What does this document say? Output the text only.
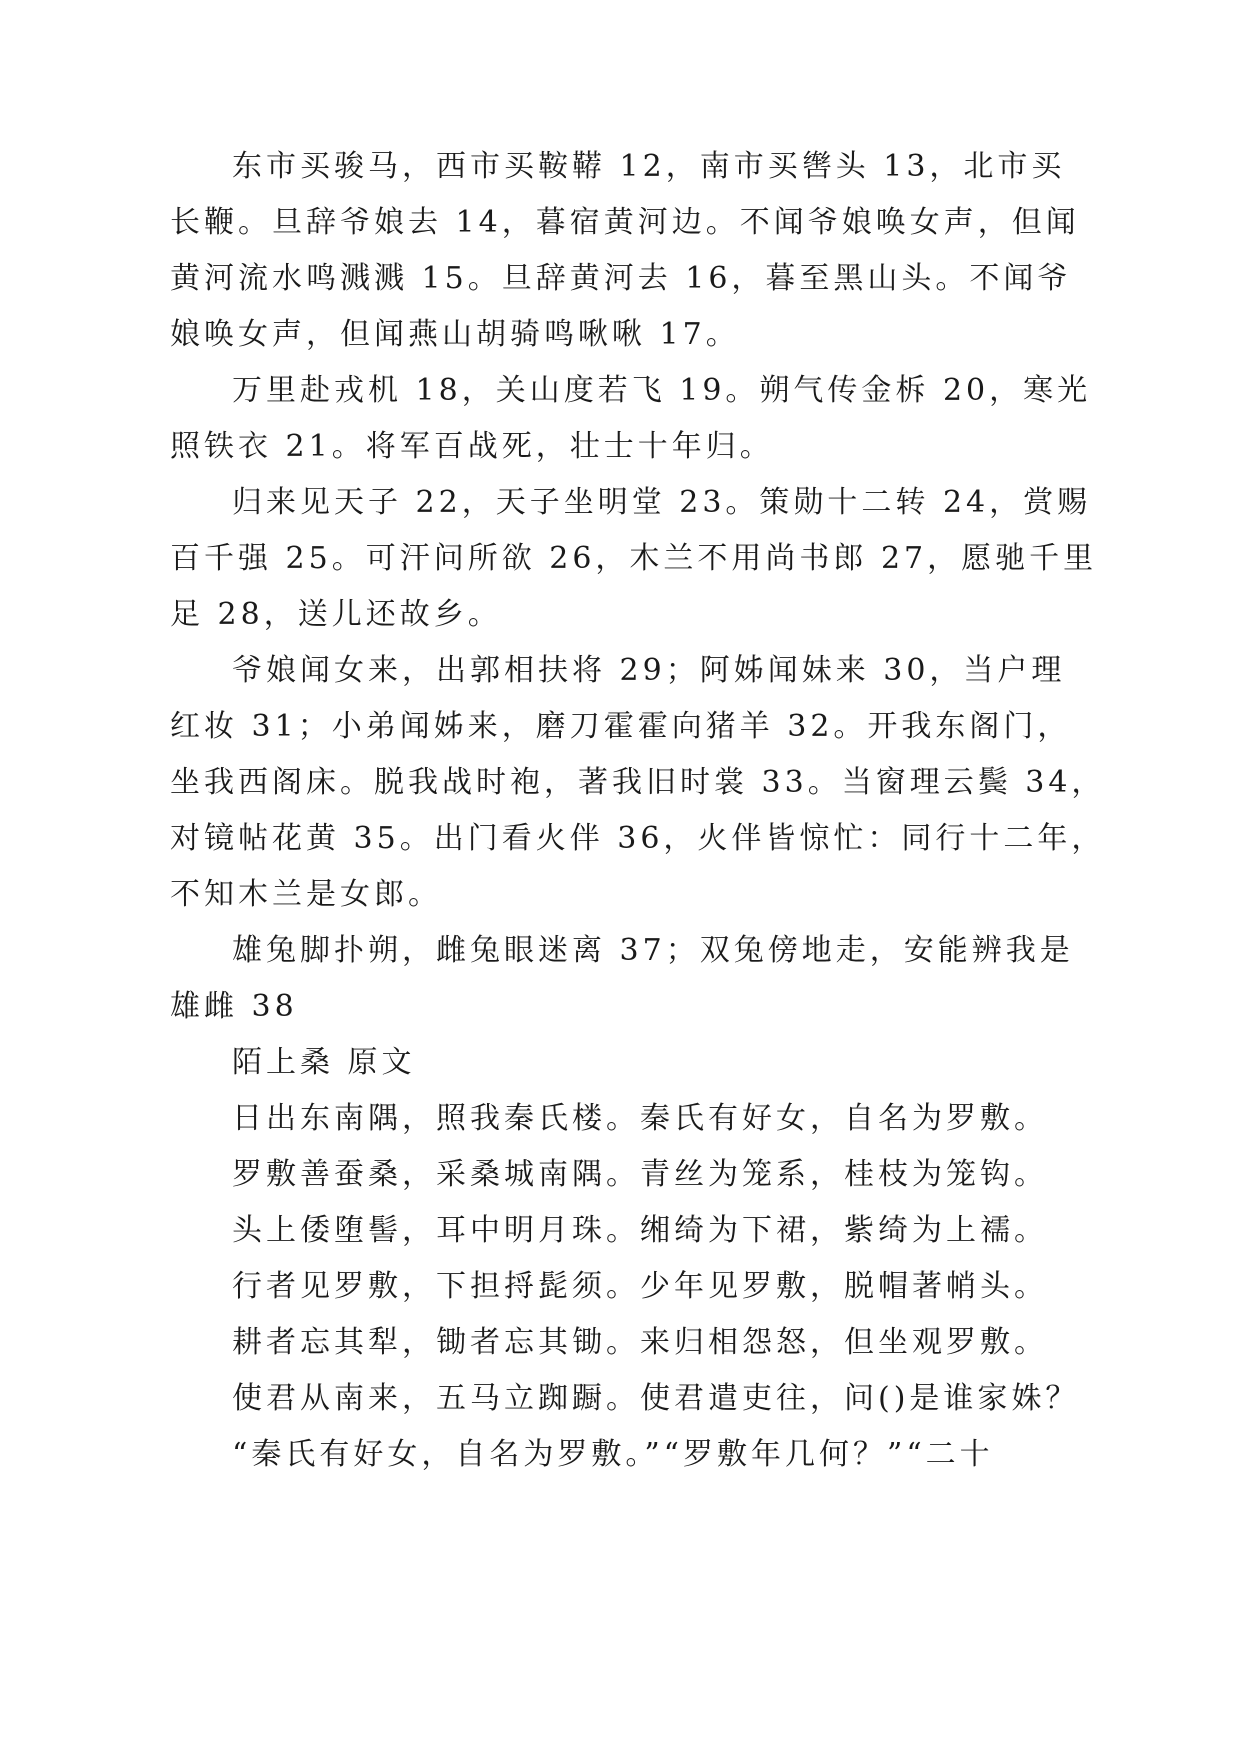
东市买骏马，西市买鞍鞯 12，南市买辔头 13，北市买

长鞭。旦辞爷娘去 14，暮宿黄河边。不闻爷娘唤女声，但闻

黄河流水鸣溅溅 15。旦辞黄河去 16，暮至黑山头。不闻爷

娘唤女声，但闻燕山胡骑鸣啾啾 17。

万里赴戎机 18，关山度若飞 19。朔气传金柝 20，寒光

照铁衣 21。将军百战死，壮士十年归。

归来见天子 22，天子坐明堂 23。策勋十二转 24，赏赐

百千强 25。可汗问所欲 26，木兰不用尚书郎 27，愿驰千里

足 28，送儿还故乡。

爷娘闻女来，出郭相扶将 29；阿姊闻妹来 30，当户理

红妆 31；小弟闻姊来，磨刀霍霍向猪羊 32。开我东阁门，

坐我西阁床。脱我战时袍，著我旧时裳 33。当窗理云鬓 34，

对镜帖花黄 35。出门看火伴 36，火伴皆惊忙：同行十二年，

不知木兰是女郎。

雄兔脚扑朔，雌兔眼迷离 37；双兔傍地走，安能辨我是

雄雌 38

陌上桑 原文

日出东南隅，照我秦氏楼。秦氏有好女，自名为罗敷。

罗敷善蚕桑，采桑城南隅。青丝为笼系，桂枝为笼钩。

头上倭堕髻，耳中明月珠。缃绮为下裙，紫绮为上襦。

行者见罗敷，下担捋髭须。少年见罗敷，脱帽著帩头。

耕者忘其犁，锄者忘其锄。来归相怨怒，但坐观罗敷。

使君从南来，五马立踟蹰。使君遣吏往，问()是谁家姝？

“秦氏有好女，自名为罗敷。”“罗敷年几何？”“二十
